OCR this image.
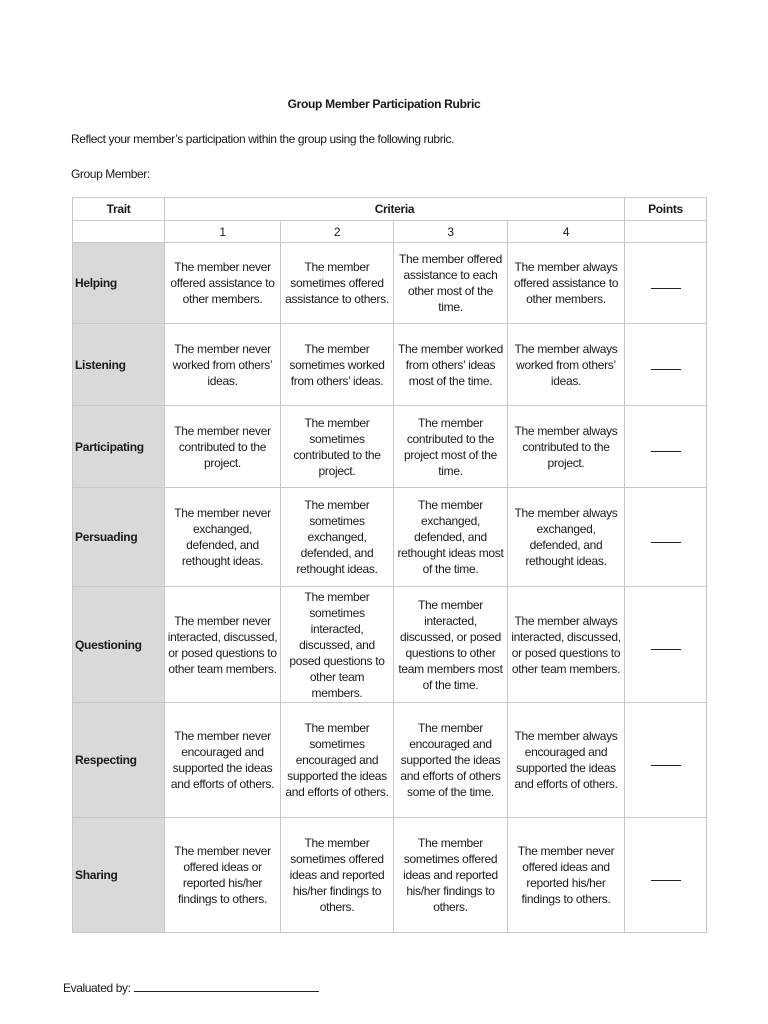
Group Member Participation Rubric
Reflect your member’s participation within the group using the following rubric.
Group Member:
Trait	Criteria				Points
	1	2	3	4	
Helping	The member never offered assistance to other members.	The member sometimes offered assistance to others.	The member offered assistance to each other most of the time.	The member always offered assistance to other members.	
Listening	The member never worked from others’ ideas.	The member sometimes worked from others’ ideas.	The member worked from others’ ideas most of the time.	The member always worked from others’ ideas.	
Participating	The member never contributed to the project.	The member sometimes contributed to the project.	The member contributed to the project most of the time.	The member always contributed to the project.	
Persuading	The member never exchanged, defended, and rethought ideas.	The member sometimes exchanged, defended, and rethought ideas.	The member exchanged, defended, and rethought ideas most of the time.	The member always exchanged, defended, and rethought ideas.	
Questioning	The member never interacted, discussed, or posed questions to other team members.	The member sometimes interacted, discussed, and posed questions to other team members.	The member interacted, discussed, or posed questions to other team members most of the time.	The member always interacted, discussed, or posed questions to other team members.	
Respecting	The member never encouraged and supported the ideas and efforts of others.	The member sometimes encouraged and supported the ideas and efforts of others.	The member encouraged and supported the ideas and efforts of others some of the time.	The member always encouraged and supported the ideas and efforts of others.	
Sharing	The member never offered ideas or reported his/her findings to others.	The member sometimes offered ideas and reported his/her findings to others.	The member sometimes offered ideas and reported his/her findings to others.	The member never offered ideas and reported his/her findings to others.	
Evaluated by:
